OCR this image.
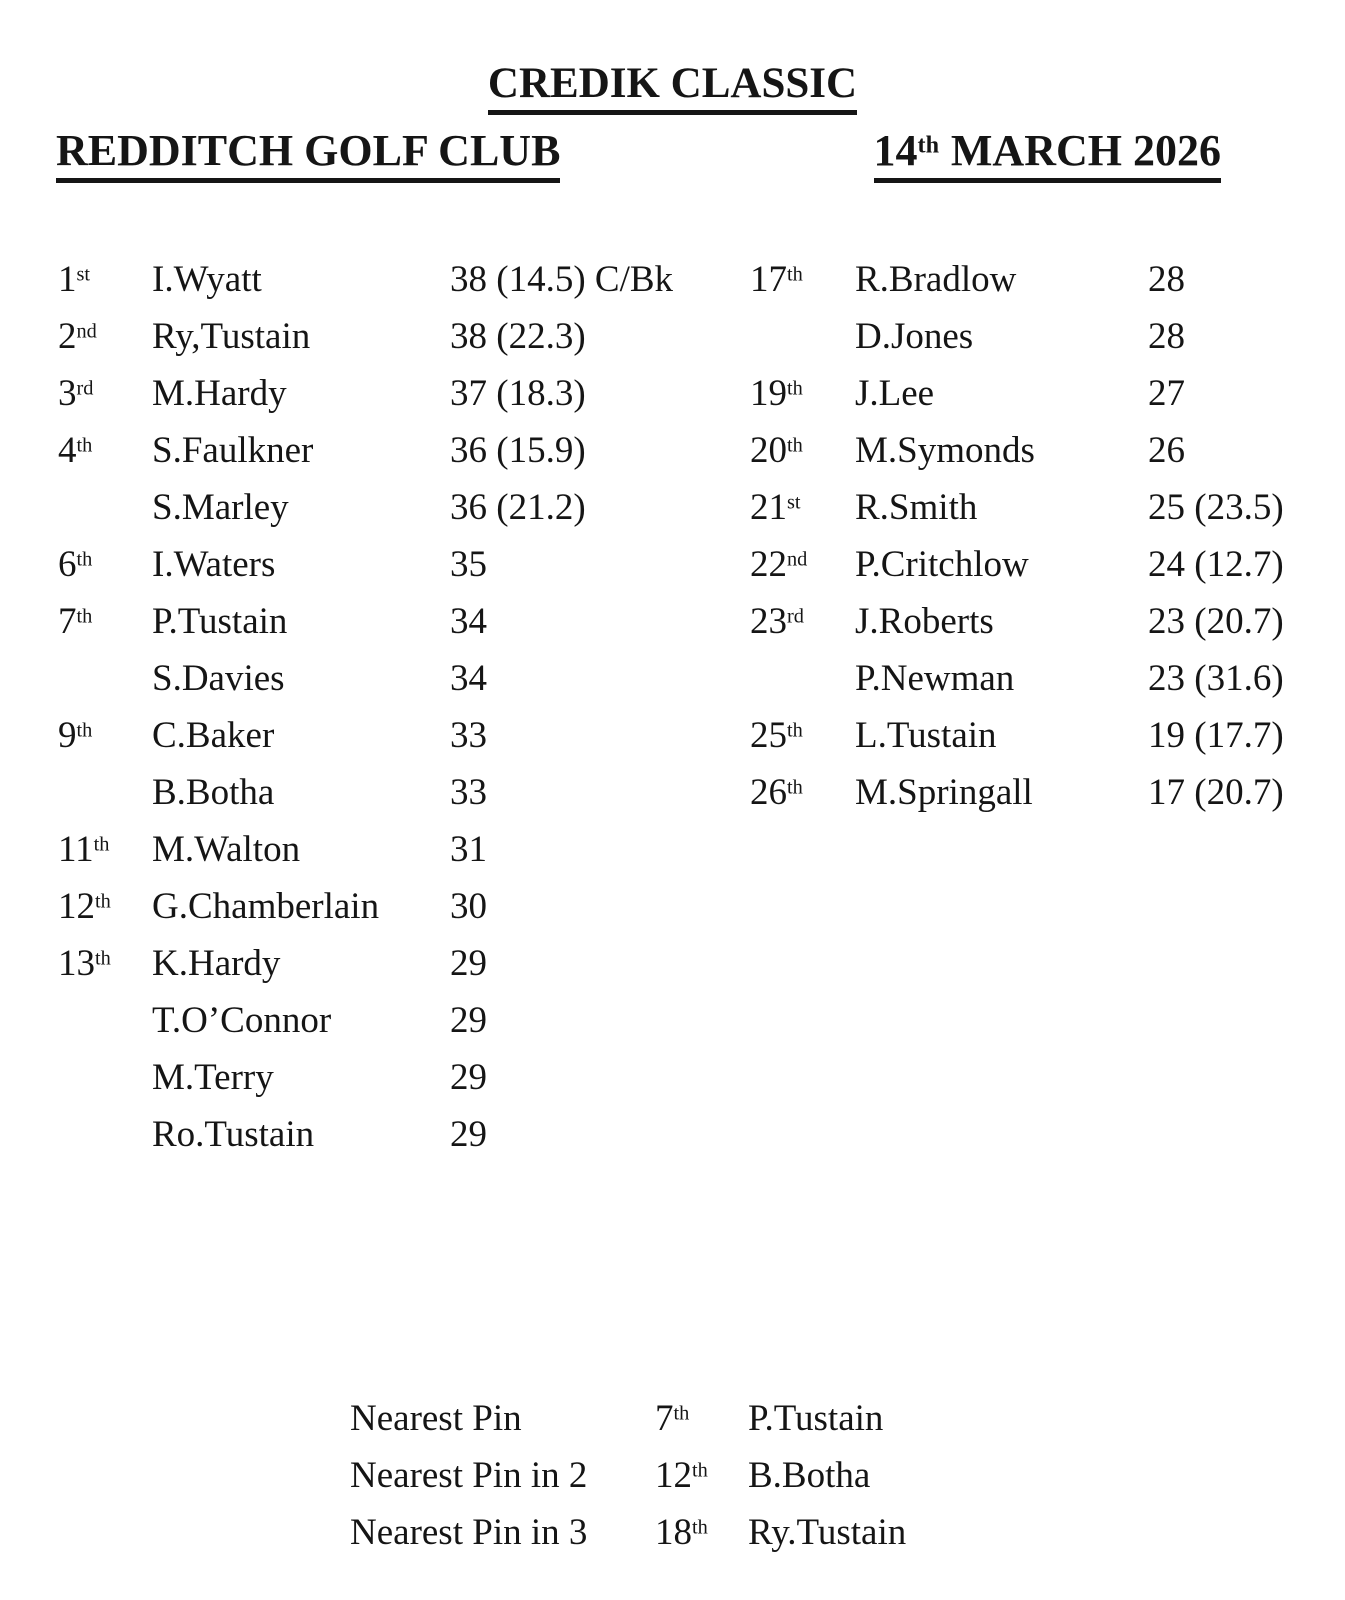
CREDIK CLASSIC
REDDITCH GOLF CLUB	14th MARCH 2026
1st	I.Wyatt	38 (14.5) C/Bk
2nd	Ry,Tustain	38 (22.3)
3rd	M.Hardy	37 (18.3)
4th	S.Faulkner	36 (15.9)
S.Marley	36 (21.2)
6th	I.Waters	35
7th	P.Tustain	34
S.Davies	34
9th	C.Baker	33
B.Botha	33
11th	M.Walton	31
12th	G.Chamberlain	30
13th	K.Hardy	29
T.O’Connor	29
M.Terry	29
Ro.Tustain	29
17th	R.Bradlow	28
D.Jones	28
19th	J.Lee	27
20th	M.Symonds	26
21st	R.Smith	25 (23.5)
22nd	P.Critchlow	24 (12.7)
23rd	J.Roberts	23 (20.7)
P.Newman	23 (31.6)
25th	L.Tustain	19 (17.7)
26th	M.Springall	17 (20.7)
Nearest Pin	7th	P.Tustain
Nearest Pin in 2	12th	B.Botha
Nearest Pin in 3	18th	Ry.Tustain
